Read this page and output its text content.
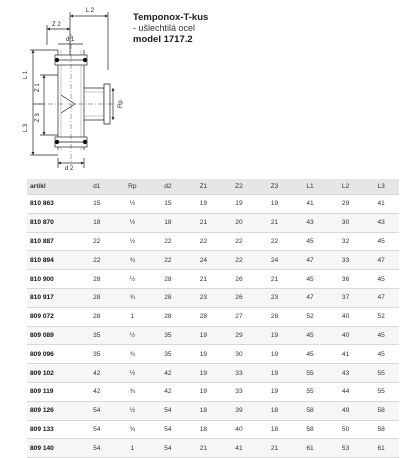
L 2
Z 2
d 1
L 1
Z 1
Z 3
L 3
Rp
d 2
Temponox-T-kus
- ušlechtilá ocel
model 1717.2
artikl	d1	Rp	d2	Z1	Z2	Z3	L1	L2	L3
810 863	15	½	15	19	19	19	41	29	41
810 870	18	½	18	21	20	21	43	30	43
810 887	22	½	22	22	22	22	45	32	45
810 894	22	¾	22	24	22	24	47	33	47
810 900	28	½	28	21	26	21	45	36	45
810 917	28	¾	28	23	26	23	47	37	47
809 072	28	1	28	28	27	28	52	40	52
809 089	35	½	35	19	29	19	45	40	45
809 096	35	¾	35	19	30	19	45	41	45
809 102	42	½	42	19	33	19	55	43	55
809 119	42	¾	42	19	33	19	55	44	55
809 126	54	½	54	18	39	18	58	49	58
809 133	54	¾	54	18	40	18	58	50	58
809 140	54	1	54	21	41	21	61	53	61
